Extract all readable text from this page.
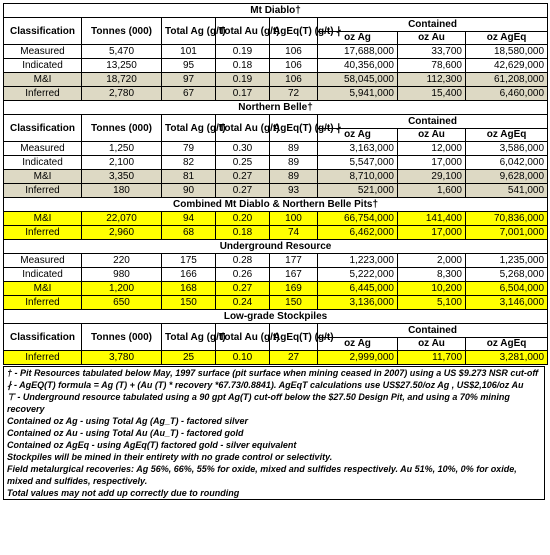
Mt Diablo†							
Classification	Tonnes (000)	Total Ag (g/t)	Total Au (g/t)	AgEq(T) (g/t) ∤	Contained		
					oz Ag	oz Au	oz AgEq
Measured	5,470	101	0.19	106	17,688,000	33,700	18,580,000
Indicated	13,250	95	0.18	106	40,356,000	78,600	42,629,000
M&I	18,720	97	0.19	106	58,045,000	112,300	61,208,000
Inferred	2,780	67	0.17	72	5,941,000	15,400	6,460,000
Northern Belle†							
Classification	Tonnes (000)	Total Ag (g/t)	Total Au (g/t)	AgEq(T) (g/t) ∤	Contained		
					oz Ag	oz Au	oz AgEq
Measured	1,250	79	0.30	89	3,163,000	12,000	3,586,000
Indicated	2,100	82	0.25	89	5,547,000	17,000	6,042,000
M&I	3,350	81	0.27	89	8,710,000	29,100	9,628,000
Inferred	180	90	0.27	93	521,000	1,600	541,000
Combined Mt Diablo & Northern Belle Pits†							
M&I	22,070	94	0.20	100	66,754,000	141,400	70,836,000
Inferred	2,960	68	0.18	74	6,462,000	17,000	7,001,000
Underground Resource							
Measured	220	175	0.28	177	1,223,000	2,000	1,235,000
Indicated	980	166	0.26	167	5,222,000	8,300	5,268,000
M&I	1,200	168	0.27	169	6,445,000	10,200	6,504,000
Inferred	650	150	0.24	150	3,136,000	5,100	3,146,000
Low-grade Stockpiles							
Classification	Tonnes (000)	Total Ag (g/t)	Total Au (g/t)	AgEq(T) (g/t)	Contained		
					oz Ag	oz Au	oz AgEq
Inferred	3,780	25	0.10	27	2,999,000	11,700	3,281,000
† - Pit Resources tabulated below May, 1997 surface (pit surface when mining ceased in 2007) using a US $9.273 NSR cut-off
∤ - AgEQ(T) formula = Ag (T) + (Au (T) * recovery *67.73/0.8841). AgEqT calculations use US$27.50/oz Ag , US$2,106/oz Au
⊤ - Underground resource tabulated using a 90 gpt Ag(T) cut-off below the $27.50 Design Pit, and using a 70% mining recovery
Contained oz Ag - using Total Ag (Ag_T) - factored silver
Contained oz Au - using Total Au (Au_T) - factored gold
Contained oz AgEq - using AgEq(T) factored gold - silver equivalent
Stockpiles will be mined in their entirety with no grade control or selectivity.
Field metalurgical recoveries: Ag 56%, 66%, 55% for oxide, mixed and sulfides respectively. Au 51%, 10%, 0% for oxide, mixed and sulfides, respectively.
Total values may not add up correctly due to rounding
